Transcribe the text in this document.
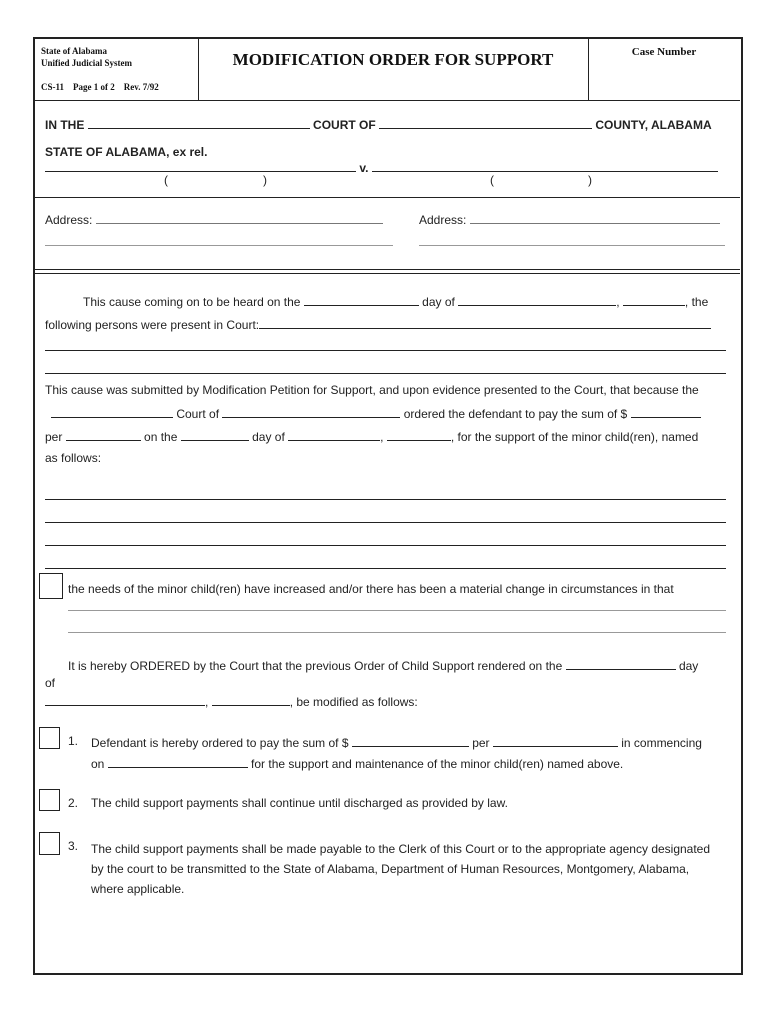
State of Alabama
Unified Judicial System
CS-11 Page 1 of 2 Rev. 7/92
MODIFICATION ORDER FOR SUPPORT	Case Number
IN THE	COURT OF	COUNTY, ALABAMA
STATE OF ALABAMA, ex rel.
v.
(	)	(	)
Address:	Address:
This cause coming on to be heard on the	day of	,	, the
following persons were present in Court:
This cause was submitted by Modification Petition for Support, and upon evidence presented to the Court, that because the
Court of	ordered the defendant to pay the sum of $
per	on the	day of	,	, for the support of the minor child(ren), named
as follows:
the needs of the minor child(ren) have increased and/or there has been a material change in circumstances in that
It is hereby ORDERED by the Court that the previous Order of Child Support rendered on the	day
of
,	, be modified as follows:
1. Defendant is hereby ordered to pay the sum of $	per	in commencing
on	for the support and maintenance of the minor child(ren) named above.
2. The child support payments shall continue until discharged as provided by law.
3. The child support payments shall be made payable to the Clerk of this Court or to the appropriate agency designated
by the court to be transmitted to the State of Alabama, Department of Human Resources, Montgomery, Alabama,
where applicable.
